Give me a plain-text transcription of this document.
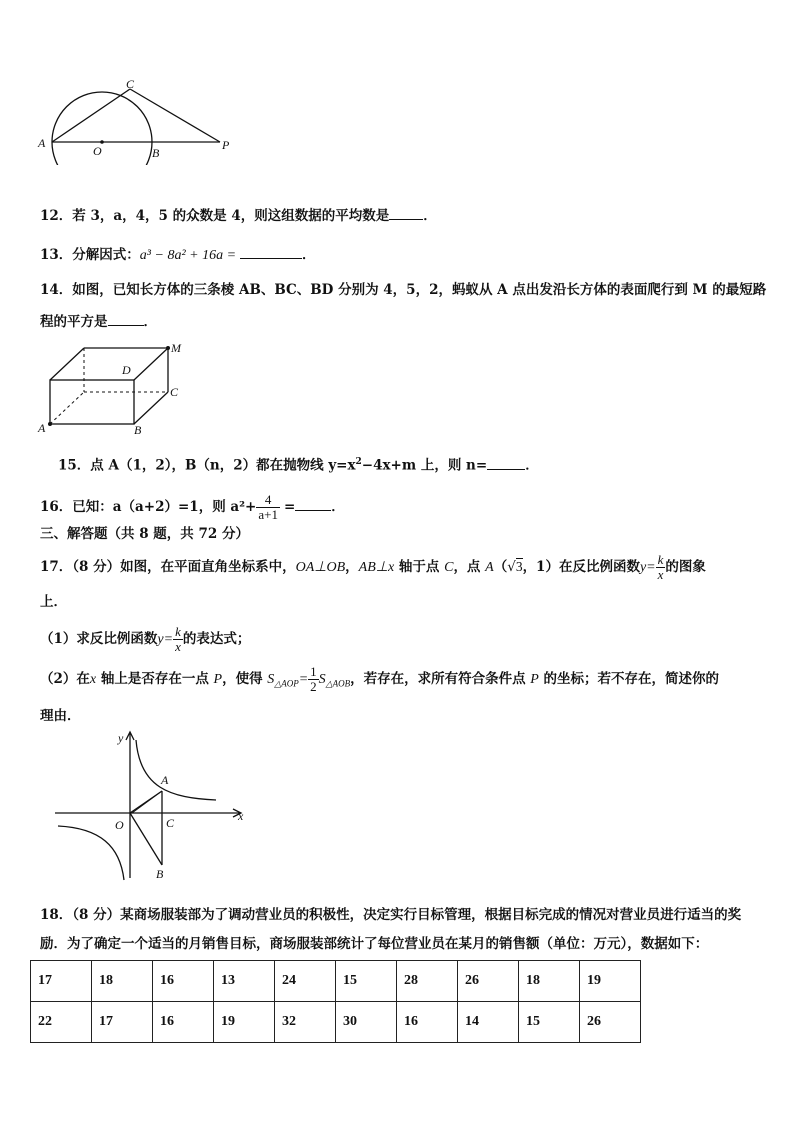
C
A
O	B
P
12．若 3，a，4，5 的众数是 4，则这组数据的平均数是	．
13．分解因式：a³ − 8a² + 16a =	．
14．如图，已知长方体的三条棱 AB、BC、BD 分别为 4，5，2，蚂蚁从 A 点出发沿长方体的表面爬行到 M 的最短路
程的平方是	．
M
D
C
A	B
15．点 A（1，2），B（n，2）都在抛物线 $y=x^2-4x+m$ 上，则 n=	．
16．已知：a（a+2）=1，则 $a^2+ \frac{4}{a+1}$ =	．
三、解答题（共 8 题，共 72 分）
17．（8 分）如图，在平面直角坐标系中，OA⊥OB，AB⊥x 轴于点 C，点 A（√3，1）在反比例函数$y= \frac{k}{x}$ 的图象
上．
（1）求反比例函数$y= \frac{k}{x}$ 的表达式；
（2）在x 轴上是否存在一点 P，使得 $S_{\triangle AOP}= \frac{1}{2} S_{\triangle AOB}$，若存在，求所有符合条件点 P 的坐标；若不存在，简述你的
理由．
y
x
O
A
C
B
18．（8 分）某商场服装部为了调动营业员的积极性，决定实行目标管理，根据目标完成的情况对营业员进行适当的奖
励．为了确定一个适当的月销售目标，商场服装部统计了每位营业员在某月的销售额（单位：万元），数据如下：
17	18	16	13	24	15	28	26	18	19
22	17	16	19	32	30	16	14	15	26
